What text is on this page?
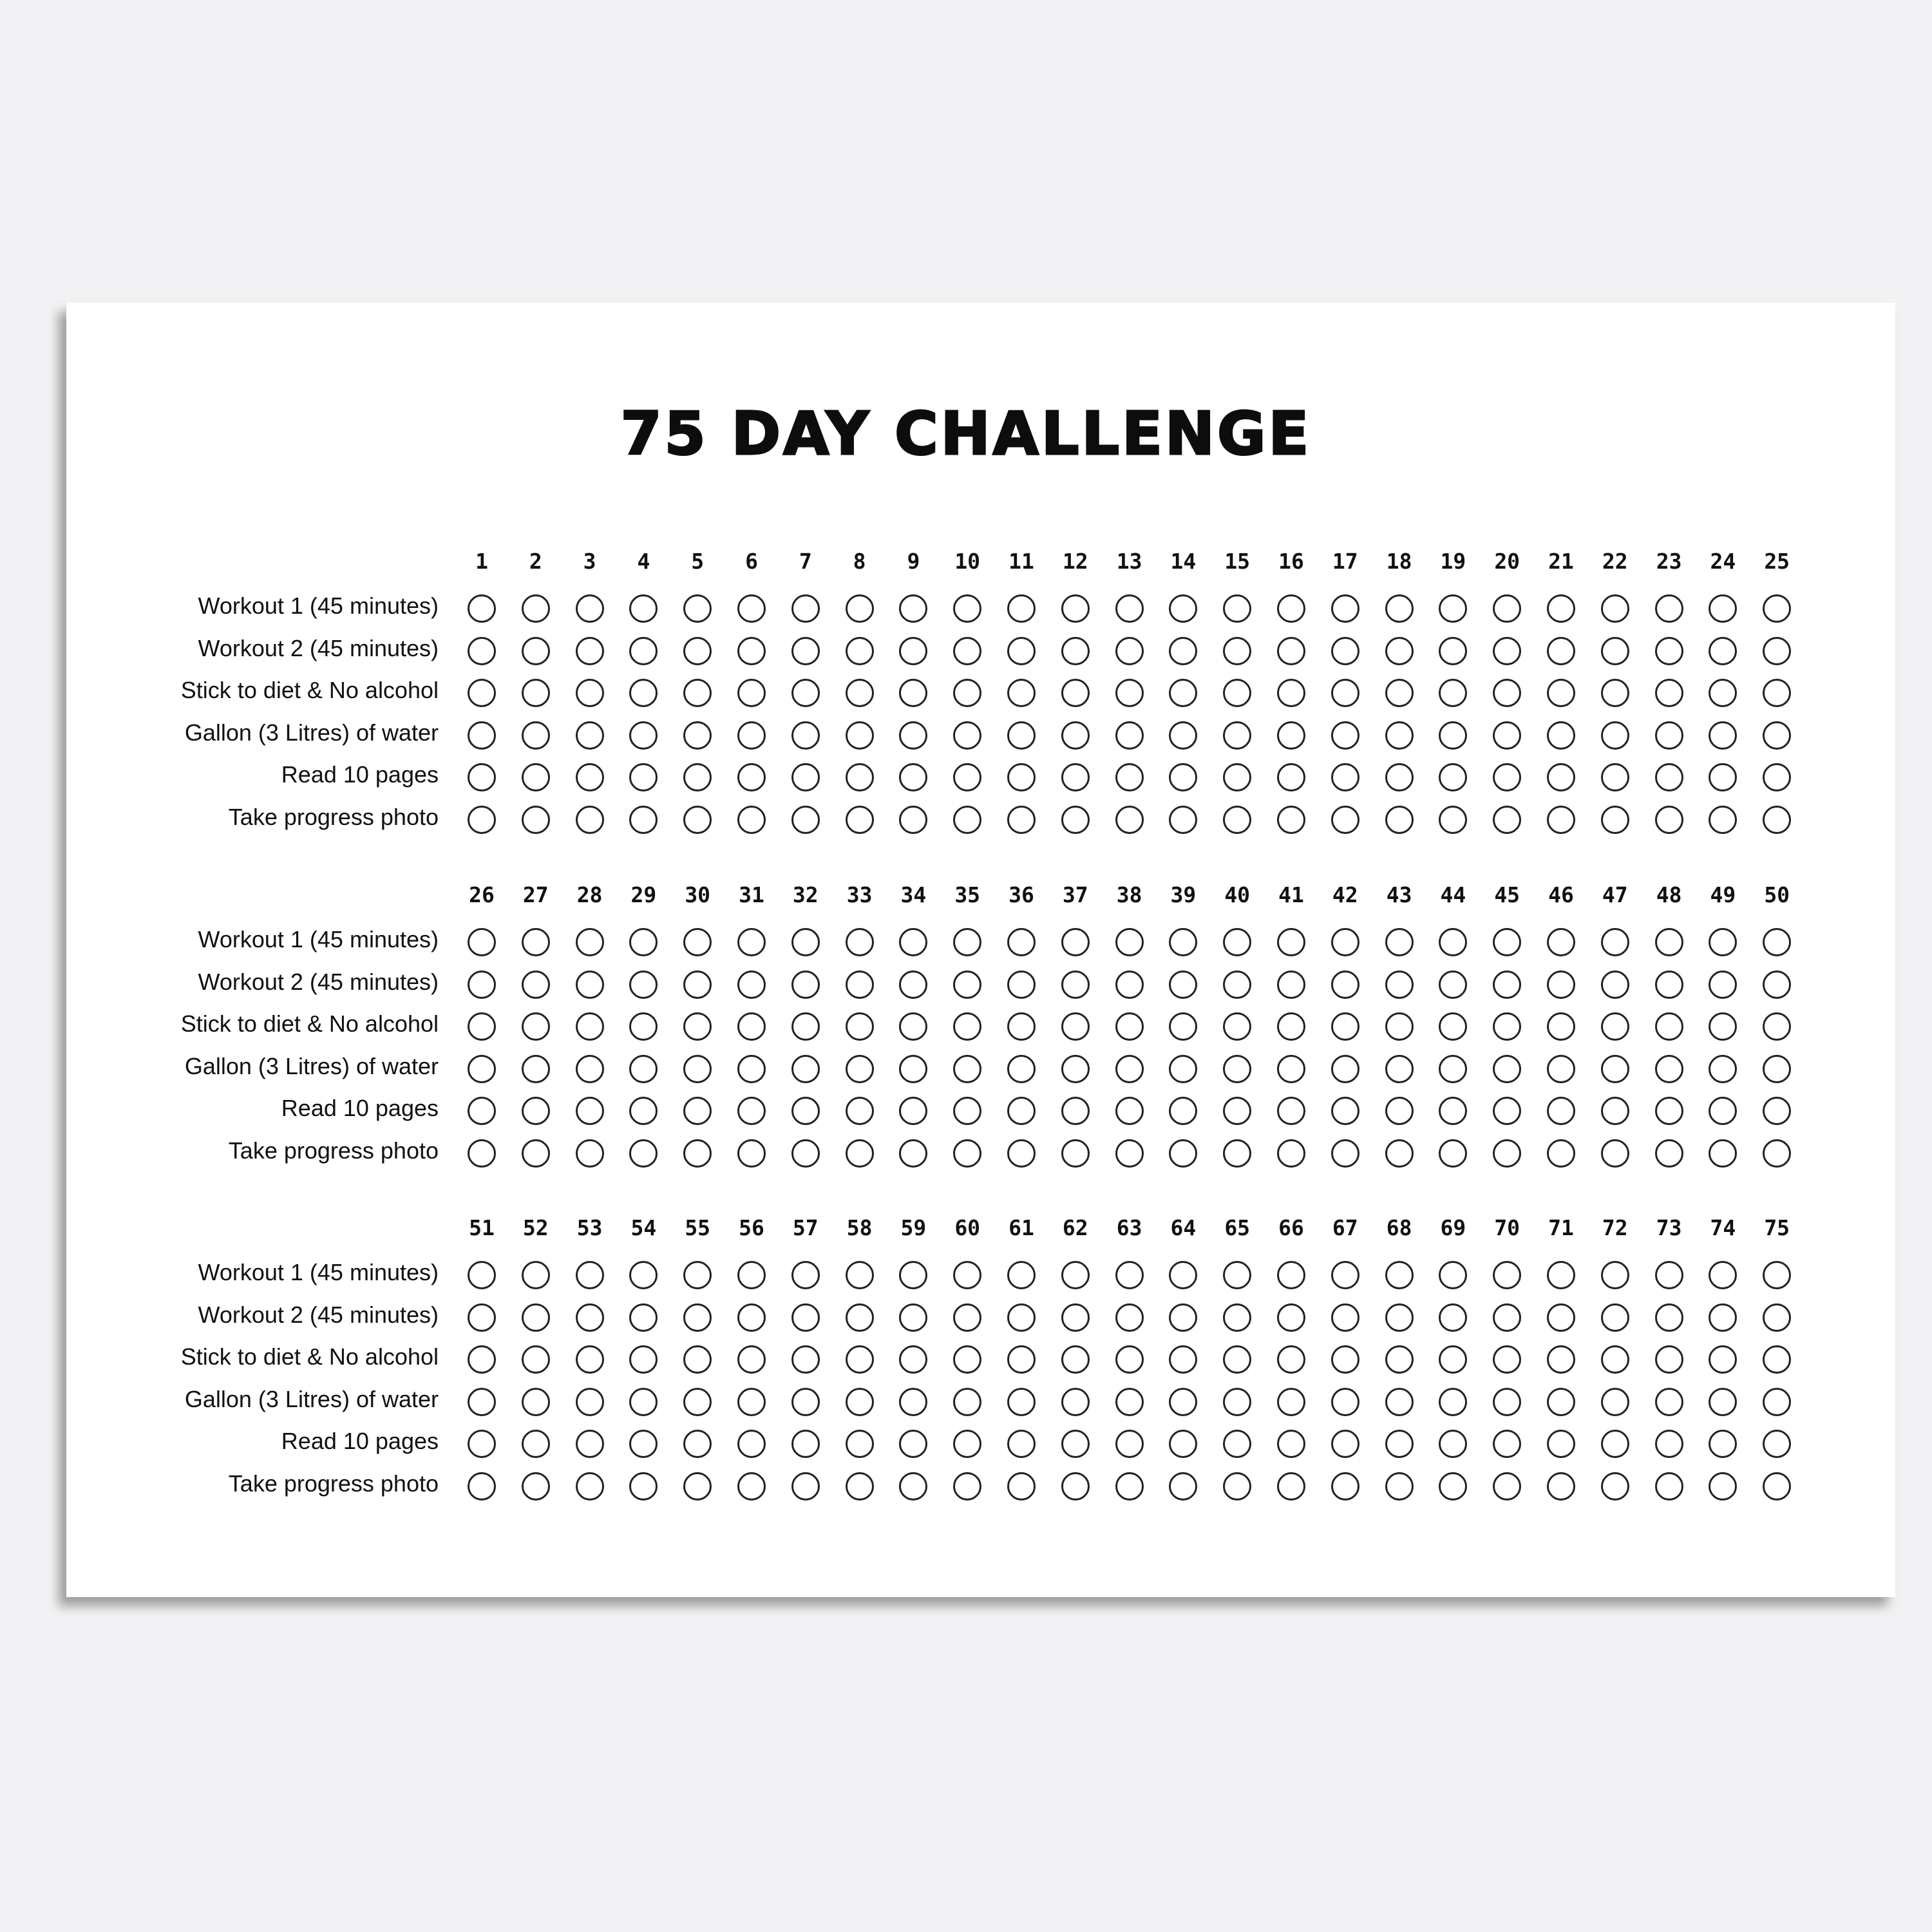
75 DAY CHALLENGE
1	2	3	4	5	6	7	8	9	10	11	12	13	14	15	16	17	18	19	20	21	22	23	24	25
Workout 1 (45 minutes)
Workout 2 (45 minutes)
Stick to diet & No alcohol
Gallon (3 Litres) of water
Read 10 pages
Take progress photo
26	27	28	29	30	31	32	33	34	35	36	37	38	39	40	41	42	43	44	45	46	47	48	49	50
Workout 1 (45 minutes)
Workout 2 (45 minutes)
Stick to diet & No alcohol
Gallon (3 Litres) of water
Read 10 pages
Take progress photo
51	52	53	54	55	56	57	58	59	60	61	62	63	64	65	66	67	68	69	70	71	72	73	74	75
Workout 1 (45 minutes)
Workout 2 (45 minutes)
Stick to diet & No alcohol
Gallon (3 Litres) of water
Read 10 pages
Take progress photo
